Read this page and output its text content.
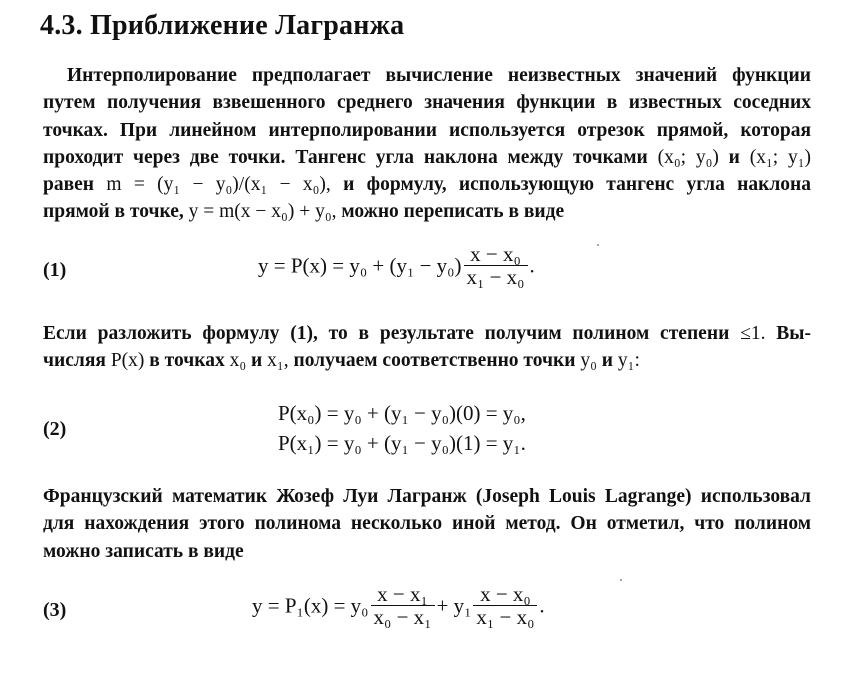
4.3. Приближение Лагранжа
Интерполирование предполагает вычисление неизвестных значений функции
путем получения взвешенного среднего значения функции в известных соседних
точках. При линейном интерполировании используется отрезок прямой, которая
проходит через две точки. Тангенс угла наклона между точками (x₀; y₀) и (x₁; y₁)
равен m = (y₁ − y₀)/(x₁ − x₀), и формулу, использующую тангенс угла наклона
прямой в точке, y = m(x − x₀) + y₀, можно переписать в виде
(1)	$y = P(x) = y_0 + (y_1 - y_0) \frac{\text{x − x₀}}{\text{x₁ − x₀}}$ .
Если разложить формулу (1), то в результате получим полином степени ≤1. Вы-
числяя P(x) в точках x₀ и x₁, получаем соответственно точки y₀ и y₁:
(2)
P(x₀) = y₀ + (y₁ − y₀)(0) = y₀,
P(x₁) = y₀ + (y₁ − y₀)(1) = y₁.
Французский математик Жозеф Луи Лагранж (Joseph Louis Lagrange) использовал
для нахождения этого полинома несколько иной метод. Он отметил, что полином
можно записать в виде
(3)	$y = P_1(x) = y_0 \frac{\text{x − x₁}}{\text{x₀ − x₁}} + y_1 \frac{\text{x − x₀}}{\text{x₁ − x₀}}$ .
